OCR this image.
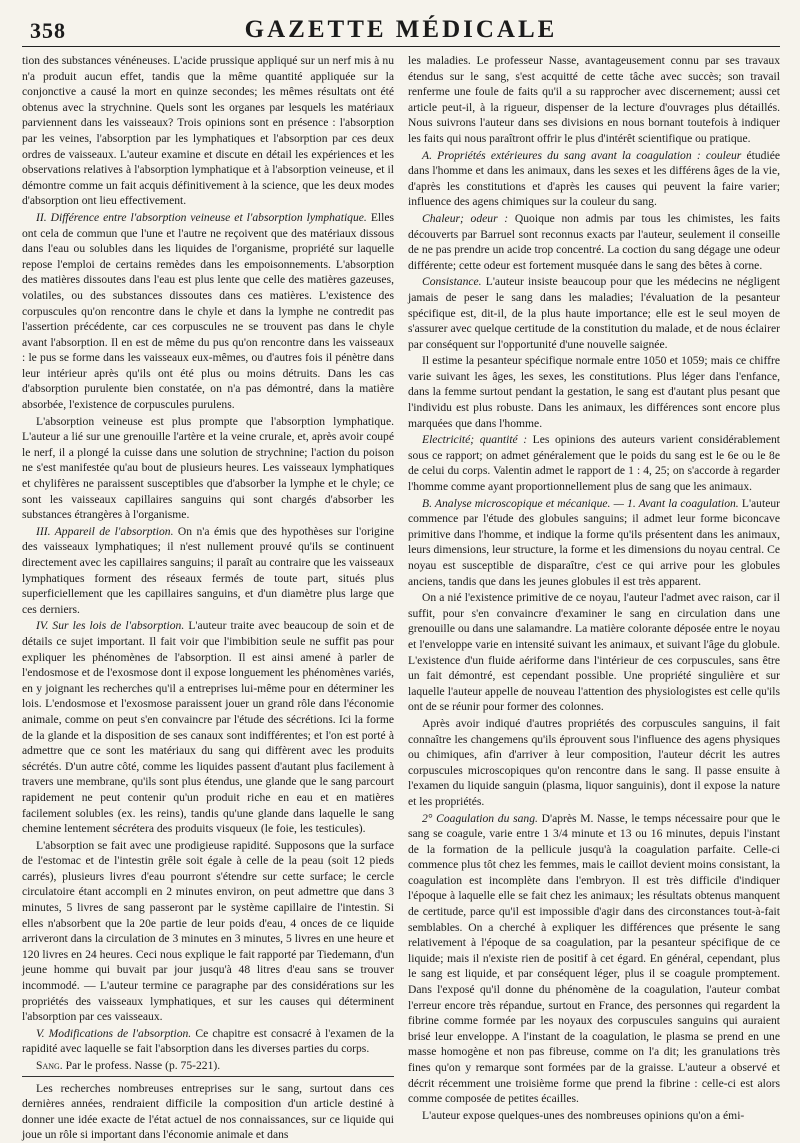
358	GAZETTE MÉDICALE

tion des substances vénéneuses. L'acide prussique appliqué sur un nerf mis à nu n'a produit aucun effet, tandis que la même quantité appliquée sur la conjonctive a causé la mort en quinze secondes; les mêmes résultats ont été obtenus avec la strychnine. Quels sont les organes par lesquels les matériaux parviennent dans les vaisseaux? Trois opinions sont en présence : l'absorption par les veines, l'absorption par les lymphatiques et l'absorption par ces deux ordres de vaisseaux. L'auteur examine et discute en détail les expériences et les observations relatives à l'absorption lymphatique et à l'absorption veineuse, et il démontre comme un fait acquis définitivement à la science, que les deux modes d'absorption ont lieu effectivement.

II. Différence entre l'absorption veineuse et l'absorption lymphatique. Elles ont cela de commun que l'une et l'autre ne reçoivent que des matériaux dissous dans l'eau ou solubles dans les liquides de l'organisme, propriété sur laquelle repose l'emploi de certains remèdes dans les empoisonnements. L'absorption des matières dissoutes dans l'eau est plus lente que celle des matières gazeuses, volatiles, ou des substances dissoutes dans ces matières. L'existence des corpuscules qu'on rencontre dans le chyle et dans la lymphe ne contredit pas l'assertion précédente, car ces corpuscules ne se trouvent pas dans le chyle avant l'absorption. Il en est de même du pus qu'on rencontre dans les vaisseaux : le pus se forme dans les vaisseaux eux-mêmes, ou d'autres fois il pénètre dans leur intérieur après qu'ils ont été plus ou moins détruits. Dans les cas d'absorption purulente bien constatée, on n'a pas démontré, dans la matière absorbée, l'existence de corpuscules purulens.

L'absorption veineuse est plus prompte que l'absorption lymphatique. L'auteur a lié sur une grenouille l'artère et la veine crurale, et, après avoir coupé le nerf, il a plongé la cuisse dans une solution de strychnine; l'action du poison ne s'est manifestée qu'au bout de plusieurs heures. Les vaisseaux lymphatiques et chylifères ne paraissent susceptibles que d'absorber la lymphe et le chyle; ce sont les vaisseaux capillaires sanguins qui sont chargés d'absorber les substances étrangères à l'organisme.

III. Appareil de l'absorption. On n'a émis que des hypothèses sur l'origine des vaisseaux lymphatiques; il n'est nullement prouvé qu'ils se continuent directement avec les capillaires sanguins; il paraît au contraire que les vaisseaux lymphatiques forment des réseaux fermés de toute part, situés plus superficiellement que les capillaires sanguins, et d'un diamètre plus large que ces derniers.

IV. Sur les lois de l'absorption. L'auteur traite avec beaucoup de soin et de détails ce sujet important. Il fait voir que l'imbibition seule ne suffit pas pour expliquer les phénomènes de l'absorption. Il est ainsi amené à parler de l'endosmose et de l'exosmose dont il expose longuement les phénomènes variés, en y joignant les recherches qu'il a entreprises lui-même pour en déterminer les lois. L'endosmose et l'exosmose paraissent jouer un grand rôle dans l'économie animale, comme on peut s'en convaincre par l'étude des sécrétions. Ici la forme de la glande et la disposition de ses canaux sont indifférentes; et l'on est porté à admettre que ce sont les matériaux du sang qui diffèrent avec les produits sécrétés. D'un autre côté, comme les liquides passent d'autant plus facilement à travers une membrane, qu'ils sont plus étendus, une glande que le sang parcourt rapidement ne peut contenir qu'un produit riche en eau et en matières facilement solubles (ex. les reins), tandis qu'une glande dans laquelle le sang chemine lentement sécrétera des produits visqueux (le foie, les testicules).

L'absorption se fait avec une prodigieuse rapidité. Supposons que la surface de l'estomac et de l'intestin grêle soit égale à celle de la peau (soit 12 pieds carrés), plusieurs livres d'eau pourront s'étendre sur cette surface; le cercle circulatoire étant accompli en 2 minutes environ, on peut admettre que dans 3 minutes, 5 livres de sang passeront par le système capillaire de l'intestin. Si elles n'absorbent que la 20e partie de leur poids d'eau, 4 onces de ce liquide arriveront dans la circulation de 3 minutes en 3 minutes, 5 livres en une heure et 120 livres en 24 heures. Ceci nous explique le fait rapporté par Tiedemann, d'un jeune homme qui buvait par jour jusqu'à 48 litres d'eau sans se trouver incommodé. — L'auteur termine ce paragraphe par des considérations sur les propriétés des vaisseaux lymphatiques, et sur les causes qui déterminent l'absorption par ces vaisseaux.

V. Modifications de l'absorption. Ce chapitre est consacré à l'examen de la rapidité avec laquelle se fait l'absorption dans les diverses parties du corps.

Sang. Par le profess. Nasse (p. 75-221).

Les recherches nombreuses entreprises sur le sang, surtout dans ces dernières années, rendraient difficile la composition d'un article destiné à donner une idée exacte de l'état actuel de nos connaissances, sur ce liquide qui joue un rôle si important dans l'économie animale et dans

les maladies. Le professeur Nasse, avantageusement connu par ses travaux étendus sur le sang, s'est acquitté de cette tâche avec succès; son travail renferme une foule de faits qu'il a su rapprocher avec discernement; aussi cet article peut-il, à la rigueur, dispenser de la lecture d'ouvrages plus détaillés. Nous suivrons l'auteur dans ses divisions en nous bornant toutefois à indiquer les faits qui nous paraîtront offrir le plus d'intérêt scientifique ou pratique.

A. Propriétés extérieures du sang avant la coagulation : couleur étudiée dans l'homme et dans les animaux, dans les sexes et les différens âges de la vie, d'après les constitutions et d'après les causes qui peuvent la faire varier; influence des agens chimiques sur la couleur du sang.

Chaleur; odeur : Quoique non admis par tous les chimistes, les faits découverts par Barruel sont reconnus exacts par l'auteur, seulement il conseille de ne pas prendre un acide trop concentré. La coction du sang dégage une odeur différente; cette odeur est fortement musquée dans le sang des bêtes à corne.

Consistance. L'auteur insiste beaucoup pour que les médecins ne négligent jamais de peser le sang dans les maladies; l'évaluation de la pesanteur spécifique est, dit-il, de la plus haute importance; elle est le seul moyen de s'assurer avec quelque certitude de la constitution du malade, et de nous éclairer par conséquent sur l'opportunité d'une nouvelle saignée.

Il estime la pesanteur spécifique normale entre 1050 et 1059; mais ce chiffre varie suivant les âges, les sexes, les constitutions. Plus léger dans l'enfance, dans la femme surtout pendant la gestation, le sang est d'autant plus pesant que l'individu est plus robuste. Dans les animaux, les différences sont encore plus marquées que dans l'homme.

Electricité; quantité : Les opinions des auteurs varient considérablement sous ce rapport; on admet généralement que le poids du sang est le 6e ou le 8e de celui du corps. Valentin admet le rapport de 1 : 4, 25; on s'accorde à regarder l'homme comme ayant proportionnellement plus de sang que les animaux.

B. Analyse microscopique et mécanique. — 1. Avant la coagulation. L'auteur commence par l'étude des globules sanguins; il admet leur forme biconcave primitive dans l'homme, et indique la forme qu'ils présentent dans les animaux, leurs dimensions, leur structure, la forme et les dimensions du noyau central. Ce noyau est susceptible de disparaître, c'est ce qui arrive pour les globules anciens, tandis que dans les jeunes globules il est très apparent.

On a nié l'existence primitive de ce noyau, l'auteur l'admet avec raison, car il suffit, pour s'en convaincre d'examiner le sang en circulation dans une grenouille ou dans une salamandre. La matière colorante déposée entre le noyau et l'enveloppe varie en intensité suivant les animaux, et suivant l'âge du globule. L'existence d'un fluide aériforme dans l'intérieur de ces corpuscules, sans être un fait démontré, est cependant possible. Une propriété singulière et sur laquelle l'auteur appelle de nouveau l'attention des physiologistes est celle qu'ils ont de se réunir pour former des colonnes.

Après avoir indiqué d'autres propriétés des corpuscules sanguins, il fait connaître les changemens qu'ils éprouvent sous l'influence des agens physiques ou chimiques, afin d'arriver à leur composition, l'auteur décrit les autres corpuscules microscopiques qu'on rencontre dans le sang. Il passe ensuite à l'examen du liquide sanguin (plasma, liquor sanguinis), dont il expose la nature et les propriétés.

2° Coagulation du sang. D'après M. Nasse, le temps nécessaire pour que le sang se coagule, varie entre 1 3/4 minute et 13 ou 16 minutes, depuis l'instant de la formation de la pellicule jusqu'à la coagulation parfaite. Celle-ci commence plus tôt chez les femmes, mais le caillot devient moins consistant, la coagulation est incomplète dans l'embryon. Il est très difficile d'indiquer l'époque à laquelle elle se fait chez les animaux; les résultats obtenus manquent de certitude, parce qu'il est impossible d'agir dans des circonstances tout-à-fait semblables. On a cherché à expliquer les différences que présente le sang relativement à l'époque de sa coagulation, par la pesanteur spécifique de ce liquide; mais il n'existe rien de positif à cet égard. En général, cependant, plus le sang est liquide, et par conséquent léger, plus il se coagule promptement. Dans l'exposé qu'il donne du phénomène de la coagulation, l'auteur combat l'erreur encore très répandue, surtout en France, des personnes qui regardent la fibrine comme formée par les noyaux des corpuscules sanguins qui auraient brisé leur enveloppe. A l'instant de la coagulation, le plasma se prend en une masse homogène et non pas fibreuse, comme on l'a dit; les granulations très fines qu'on y remarque sont formées par de la graisse. L'auteur a observé et décrit récemment une troisième forme que prend la fibrine : celle-ci est alors comme composée de petites écailles.

L'auteur expose quelques-unes des nombreuses opinions qu'on a émi-
